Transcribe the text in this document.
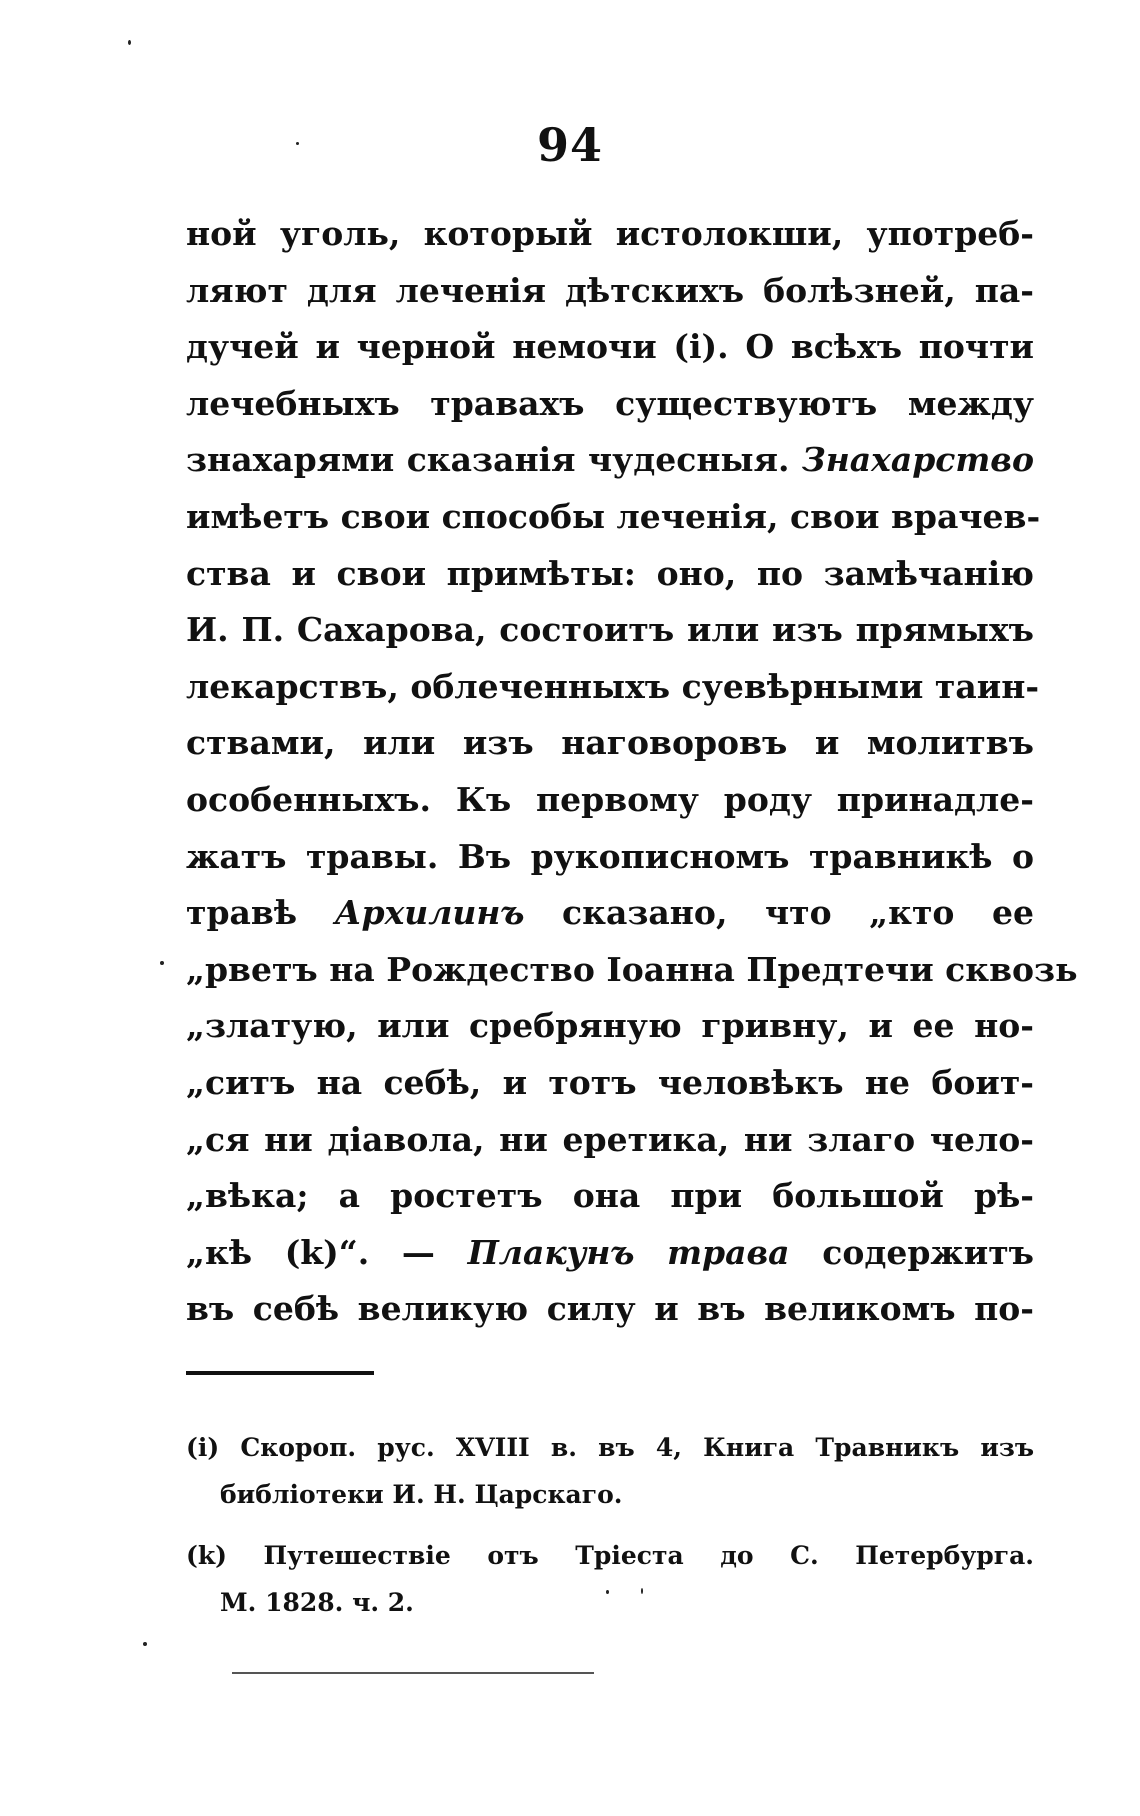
94
ной уголь, который истолокши, употреб-
ляют для леченія дѣтскихъ болѣзней, па-
дучей и черной немочи (i). О всѣхъ почти
лечебныхъ травахъ существуютъ между
знахарями сказанія чудесныя. Знахарство
имѣетъ свои способы леченія, свои врачев-
ства и свои примѣты: оно, по замѣчанію
И. П. Сахарова, состоитъ или изъ прямыхъ
лекарствъ, облеченныхъ суевѣрными таин-
ствами, или изъ наговоровъ и молитвъ
особенныхъ. Къ первому роду принадле-
жатъ травы. Въ рукописномъ травникѣ о
травѣ Архилинъ сказано, что „кто ее
„рветъ на Рождество Іоанна Предтечи сквозь
„златую, или сребряную гривну, и ее но-
„ситъ на себѣ, и тотъ человѣкъ не боит-
„ся ни діавола, ни еретика, ни злаго чело-
„вѣка; а ростетъ она при большой рѣ-
„кѣ (k)“. — Плакунъ трава содержитъ
въ себѣ великую силу и въ великомъ по-
(i) Скороп. рус. XVIII в. въ 4, Книга Травникъ изъ
библіотеки И. Н. Царскаго.
(k) Путешествіе отъ Тріеста до С. Петербурга.
М. 1828. ч. 2.
